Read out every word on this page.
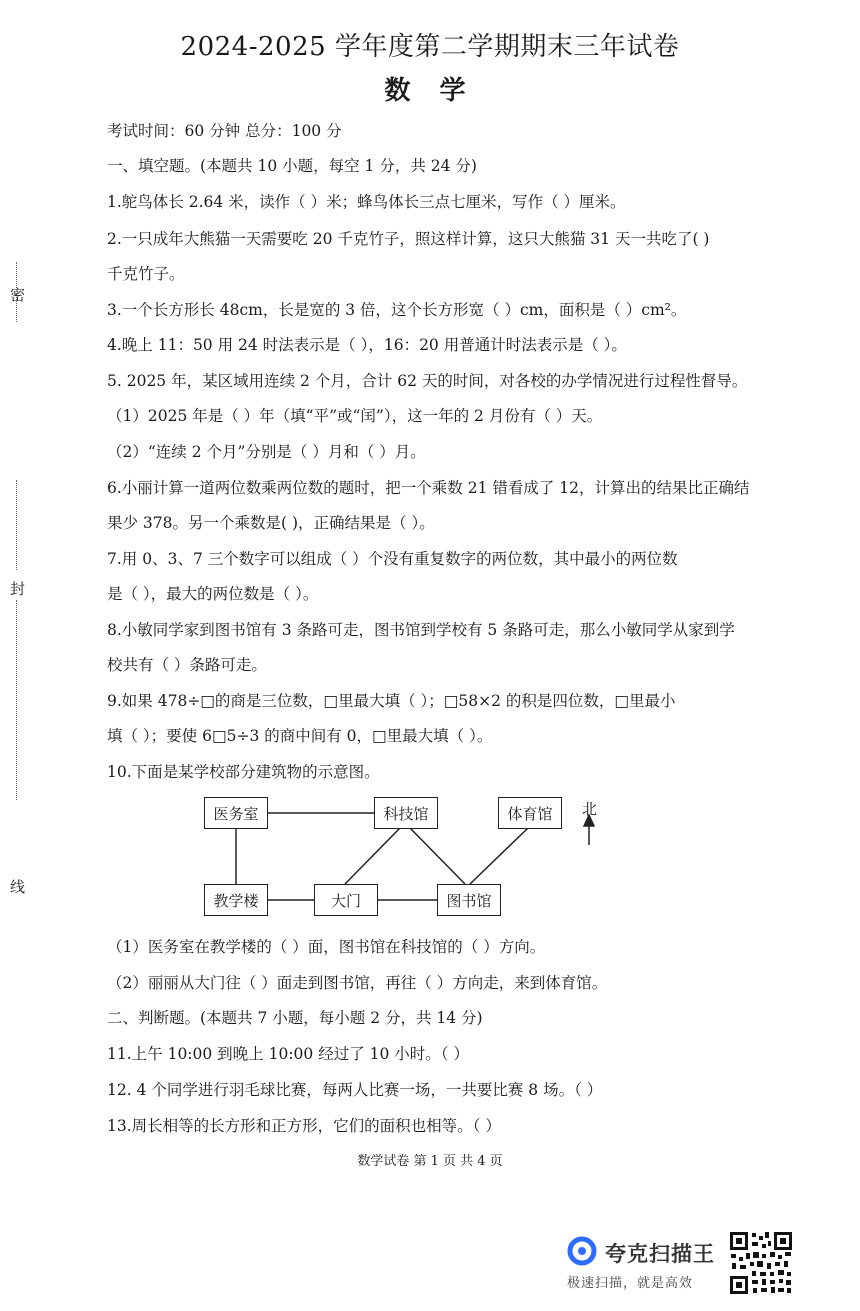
2024-2025 学年度第二学期期末三年试卷
数 学
考试时间：60 分钟 总分：100 分
密
封
线
一、填空题。(本题共 10 小题，每空 1 分，共 24 分)
1.鸵鸟体长 2.64 米，读作（ ）米；蜂鸟体长三点七厘米，写作（ ）厘米。
2.一只成年大熊猫一天需要吃 20 千克竹子，照这样计算，这只大熊猫 31 天一共吃了( )
千克竹子。
3.一个长方形长 48cm，长是宽的 3 倍，这个长方形宽（ ）cm，面积是（ ）cm²。
4.晚上 11：50 用 24 时法表示是（ ），16：20 用普通计时法表示是（ ）。
5. 2025 年，某区域用连续 2 个月，合计 62 天的时间，对各校的办学情况进行过程性督导。
（1）2025 年是（ ）年（填“平”或“闰”），这一年的 2 月份有（ ）天。
（2）“连续 2 个月”分别是（ ）月和（ ）月。
6.小丽计算一道两位数乘两位数的题时，把一个乘数 21 错看成了 12，计算出的结果比正确结
果少 378。另一个乘数是( )，正确结果是（ ）。
7.用 0、3、7 三个数字可以组成（ ）个没有重复数字的两位数，其中最小的两位数
是（ ），最大的两位数是（ ）。
8.小敏同学家到图书馆有 3 条路可走，图书馆到学校有 5 条路可走，那么小敏同学从家到学
校共有（ ）条路可走。
9.如果 478÷□的商是三位数，□里最大填（ ）；□58×2 的积是四位数，□里最小
填（ ）；要使 6□5÷3 的商中间有 0，□里最大填（ ）。
10.下面是某学校部分建筑物的示意图。
医务室	科技馆	体育馆
教学楼	大门	图书馆
北
（1）医务室在教学楼的（ ）面，图书馆在科技馆的（ ）方向。
（2）丽丽从大门往（ ）面走到图书馆，再往（ ）方向走，来到体育馆。
二、判断题。(本题共 7 小题，每小题 2 分，共 14 分)
11.上午 10:00 到晚上 10:00 经过了 10 小时。（ ）
12. 4 个同学进行羽毛球比赛，每两人比赛一场，一共要比赛 8 场。（ ）
13.周长相等的长方形和正方形，它们的面积也相等。（ ）
数学试卷 第 1 页 共 4 页
夸克扫描王
极速扫描，就是高效
